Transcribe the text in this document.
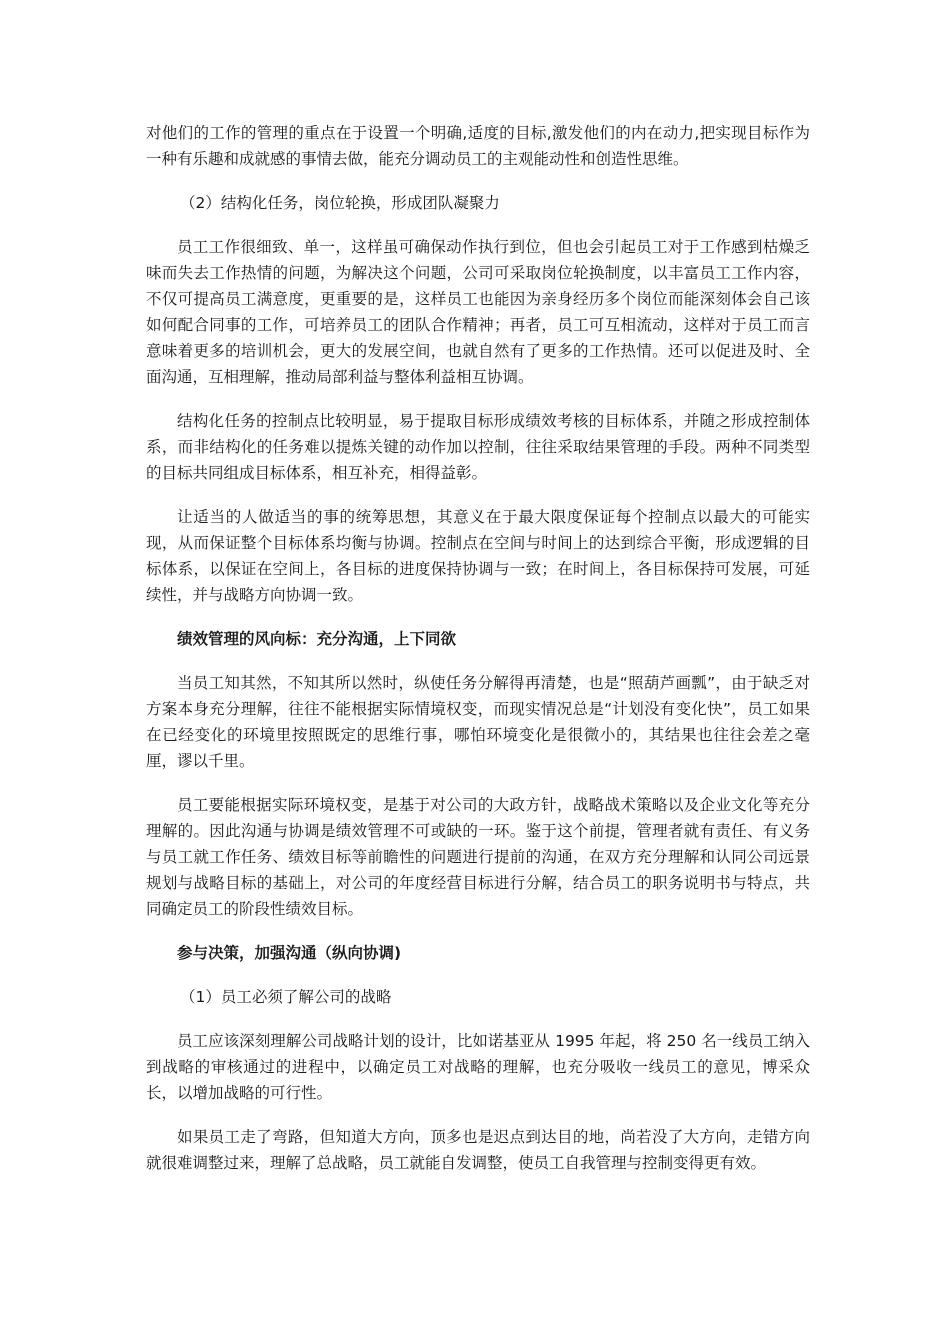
对他们的工作的管理的重点在于设置一个明确,适度的目标,激发他们的内在动力,把实现目标作为一种有乐趣和成就感的事情去做，能充分调动员工的主观能动性和创造性思维。

（2）结构化任务，岗位轮换，形成团队凝聚力

员工工作很细致、单一，这样虽可确保动作执行到位，但也会引起员工对于工作感到枯燥乏味而失去工作热情的问题，为解决这个问题，公司可采取岗位轮换制度，以丰富员工工作内容，不仅可提高员工满意度，更重要的是，这样员工也能因为亲身经历多个岗位而能深刻体会自己该如何配合同事的工作，可培养员工的团队合作精神；再者，员工可互相流动，这样对于员工而言意味着更多的培训机会，更大的发展空间，也就自然有了更多的工作热情。还可以促进及时、全面沟通，互相理解，推动局部利益与整体利益相互协调。

结构化任务的控制点比较明显，易于提取目标形成绩效考核的目标体系，并随之形成控制体系，而非结构化的任务难以提炼关键的动作加以控制，往往采取结果管理的手段。两种不同类型的目标共同组成目标体系，相互补充，相得益彰。

让适当的人做适当的事的统筹思想，其意义在于最大限度保证每个控制点以最大的可能实现，从而保证整个目标体系均衡与协调。控制点在空间与时间上的达到综合平衡，形成逻辑的目标体系，以保证在空间上，各目标的进度保持协调与一致；在时间上，各目标保持可发展，可延续性，并与战略方向协调一致。

绩效管理的风向标：充分沟通，上下同欲

当员工知其然，不知其所以然时，纵使任务分解得再清楚，也是“照葫芦画瓢”，由于缺乏对方案本身充分理解，往往不能根据实际情境权变，而现实情况总是“计划没有变化快”，员工如果在已经变化的环境里按照既定的思维行事，哪怕环境变化是很微小的，其结果也往往会差之毫厘，谬以千里。

员工要能根据实际环境权变，是基于对公司的大政方针，战略战术策略以及企业文化等充分理解的。因此沟通与协调是绩效管理不可或缺的一环。鉴于这个前提，管理者就有责任、有义务与员工就工作任务、绩效目标等前瞻性的问题进行提前的沟通，在双方充分理解和认同公司远景规划与战略目标的基础上，对公司的年度经营目标进行分解，结合员工的职务说明书与特点，共同确定员工的阶段性绩效目标。

参与决策，加强沟通（纵向协调)

（1）员工必须了解公司的战略

员工应该深刻理解公司战略计划的设计，比如诺基亚从 1995 年起，将 250 名一线员工纳入到战略的审核通过的进程中，以确定员工对战略的理解，也充分吸收一线员工的意见，博采众长，以增加战略的可行性。

如果员工走了弯路，但知道大方向，顶多也是迟点到达目的地，尚若没了大方向，走错方向就很难调整过来，理解了总战略，员工就能自发调整，使员工自我管理与控制变得更有效。
